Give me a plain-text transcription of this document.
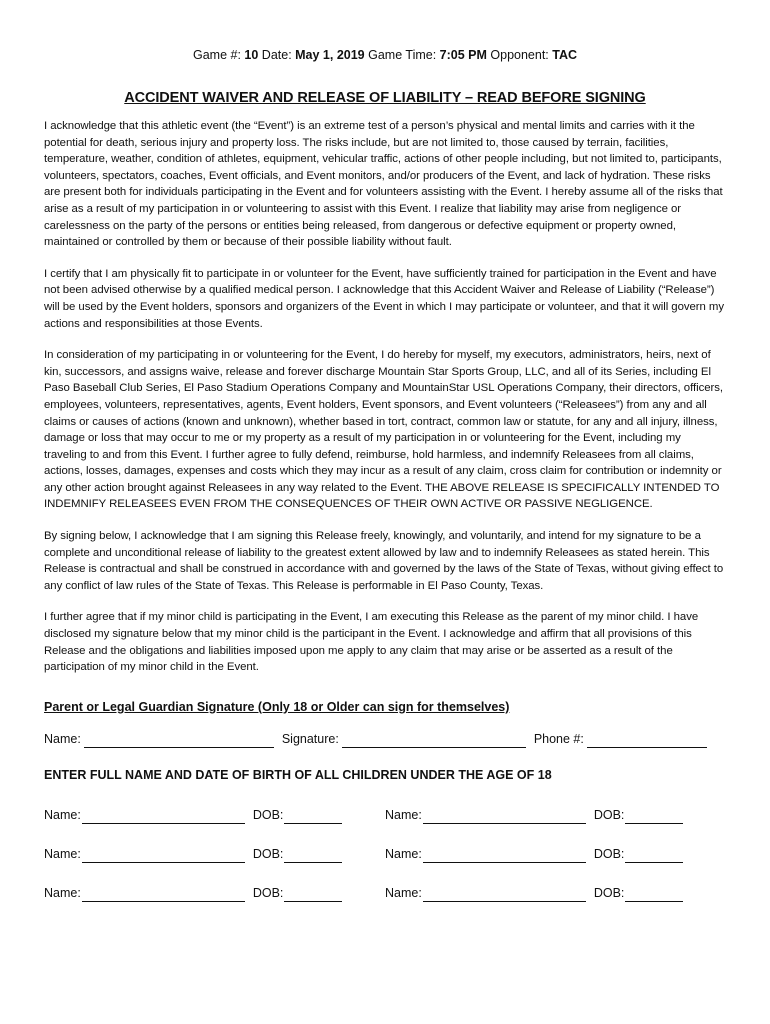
Game #: 10 Date: May 1, 2019 Game Time: 7:05 PM Opponent: TAC
ACCIDENT WAIVER AND RELEASE OF LIABILITY – READ BEFORE SIGNING

I acknowledge that this athletic event (the “Event”) is an extreme test of a person’s physical and mental limits and carries with it the potential for death, serious injury and property loss. The risks include, but are not limited to, those caused by terrain, facilities, temperature, weather, condition of athletes, equipment, vehicular traffic, actions of other people including, but not limited to, participants, volunteers, spectators, coaches, Event officials, and Event monitors, and/or producers of the Event, and lack of hydration. These risks are present both for individuals participating in the Event and for volunteers assisting with the Event. I hereby assume all of the risks that arise as a result of my participation in or volunteering to assist with this Event. I realize that liability may arise from negligence or carelessness on the party of the persons or entities being released, from dangerous or defective equipment or property owned, maintained or controlled by them or because of their possible liability without fault.

I certify that I am physically fit to participate in or volunteer for the Event, have sufficiently trained for participation in the Event and have not been advised otherwise by a qualified medical person. I acknowledge that this Accident Waiver and Release of Liability (“Release”) will be used by the Event holders, sponsors and organizers of the Event in which I may participate or volunteer, and that it will govern my actions and responsibilities at those Events.

In consideration of my participating in or volunteering for the Event, I do hereby for myself, my executors, administrators, heirs, next of kin, successors, and assigns waive, release and forever discharge Mountain Star Sports Group, LLC, and all of its Series, including El Paso Baseball Club Series, El Paso Stadium Operations Company and MountainStar USL Operations Company, their directors, officers, employees, volunteers, representatives, agents, Event holders, Event sponsors, and Event volunteers (“Releasees”) from any and all claims or causes of actions (known and unknown), whether based in tort, contract, common law or statute, for any and all injury, illness, damage or loss that may occur to me or my property as a result of my participation in or volunteering for the Event, including my traveling to and from this Event. I further agree to fully defend, reimburse, hold harmless, and indemnify Releasees from all claims, actions, losses, damages, expenses and costs which they may incur as a result of any claim, cross claim for contribution or indemnity or any other action brought against Releasees in any way related to the Event. THE ABOVE RELEASE IS SPECIFICALLY INTENDED TO INDEMNIFY RELEASEES EVEN FROM THE CONSEQUENCES OF THEIR OWN ACTIVE OR PASSIVE NEGLIGENCE.

By signing below, I acknowledge that I am signing this Release freely, knowingly, and voluntarily, and intend for my signature to be a complete and unconditional release of liability to the greatest extent allowed by law and to indemnify Releasees as stated herein. This Release is contractual and shall be construed in accordance with and governed by the laws of the State of Texas, without giving effect to any conflict of law rules of the State of Texas. This Release is performable in El Paso County, Texas.

I further agree that if my minor child is participating in the Event, I am executing this Release as the parent of my minor child. I have disclosed my signature below that my minor child is the participant in the Event. I acknowledge and affirm that all provisions of this Release and the obligations and liabilities imposed upon me apply to any claim that may arise or be asserted as a result of the participation of my minor child in the Event.

Parent or Legal Guardian Signature (Only 18 or Older can sign for themselves)
Name:	Signature:	Phone #:
ENTER FULL NAME AND DATE OF BIRTH OF ALL CHILDREN UNDER THE AGE OF 18
Name:	DOB:	Name:	DOB:
Name:	DOB:	Name:	DOB:
Name:	DOB:	Name:	DOB:
